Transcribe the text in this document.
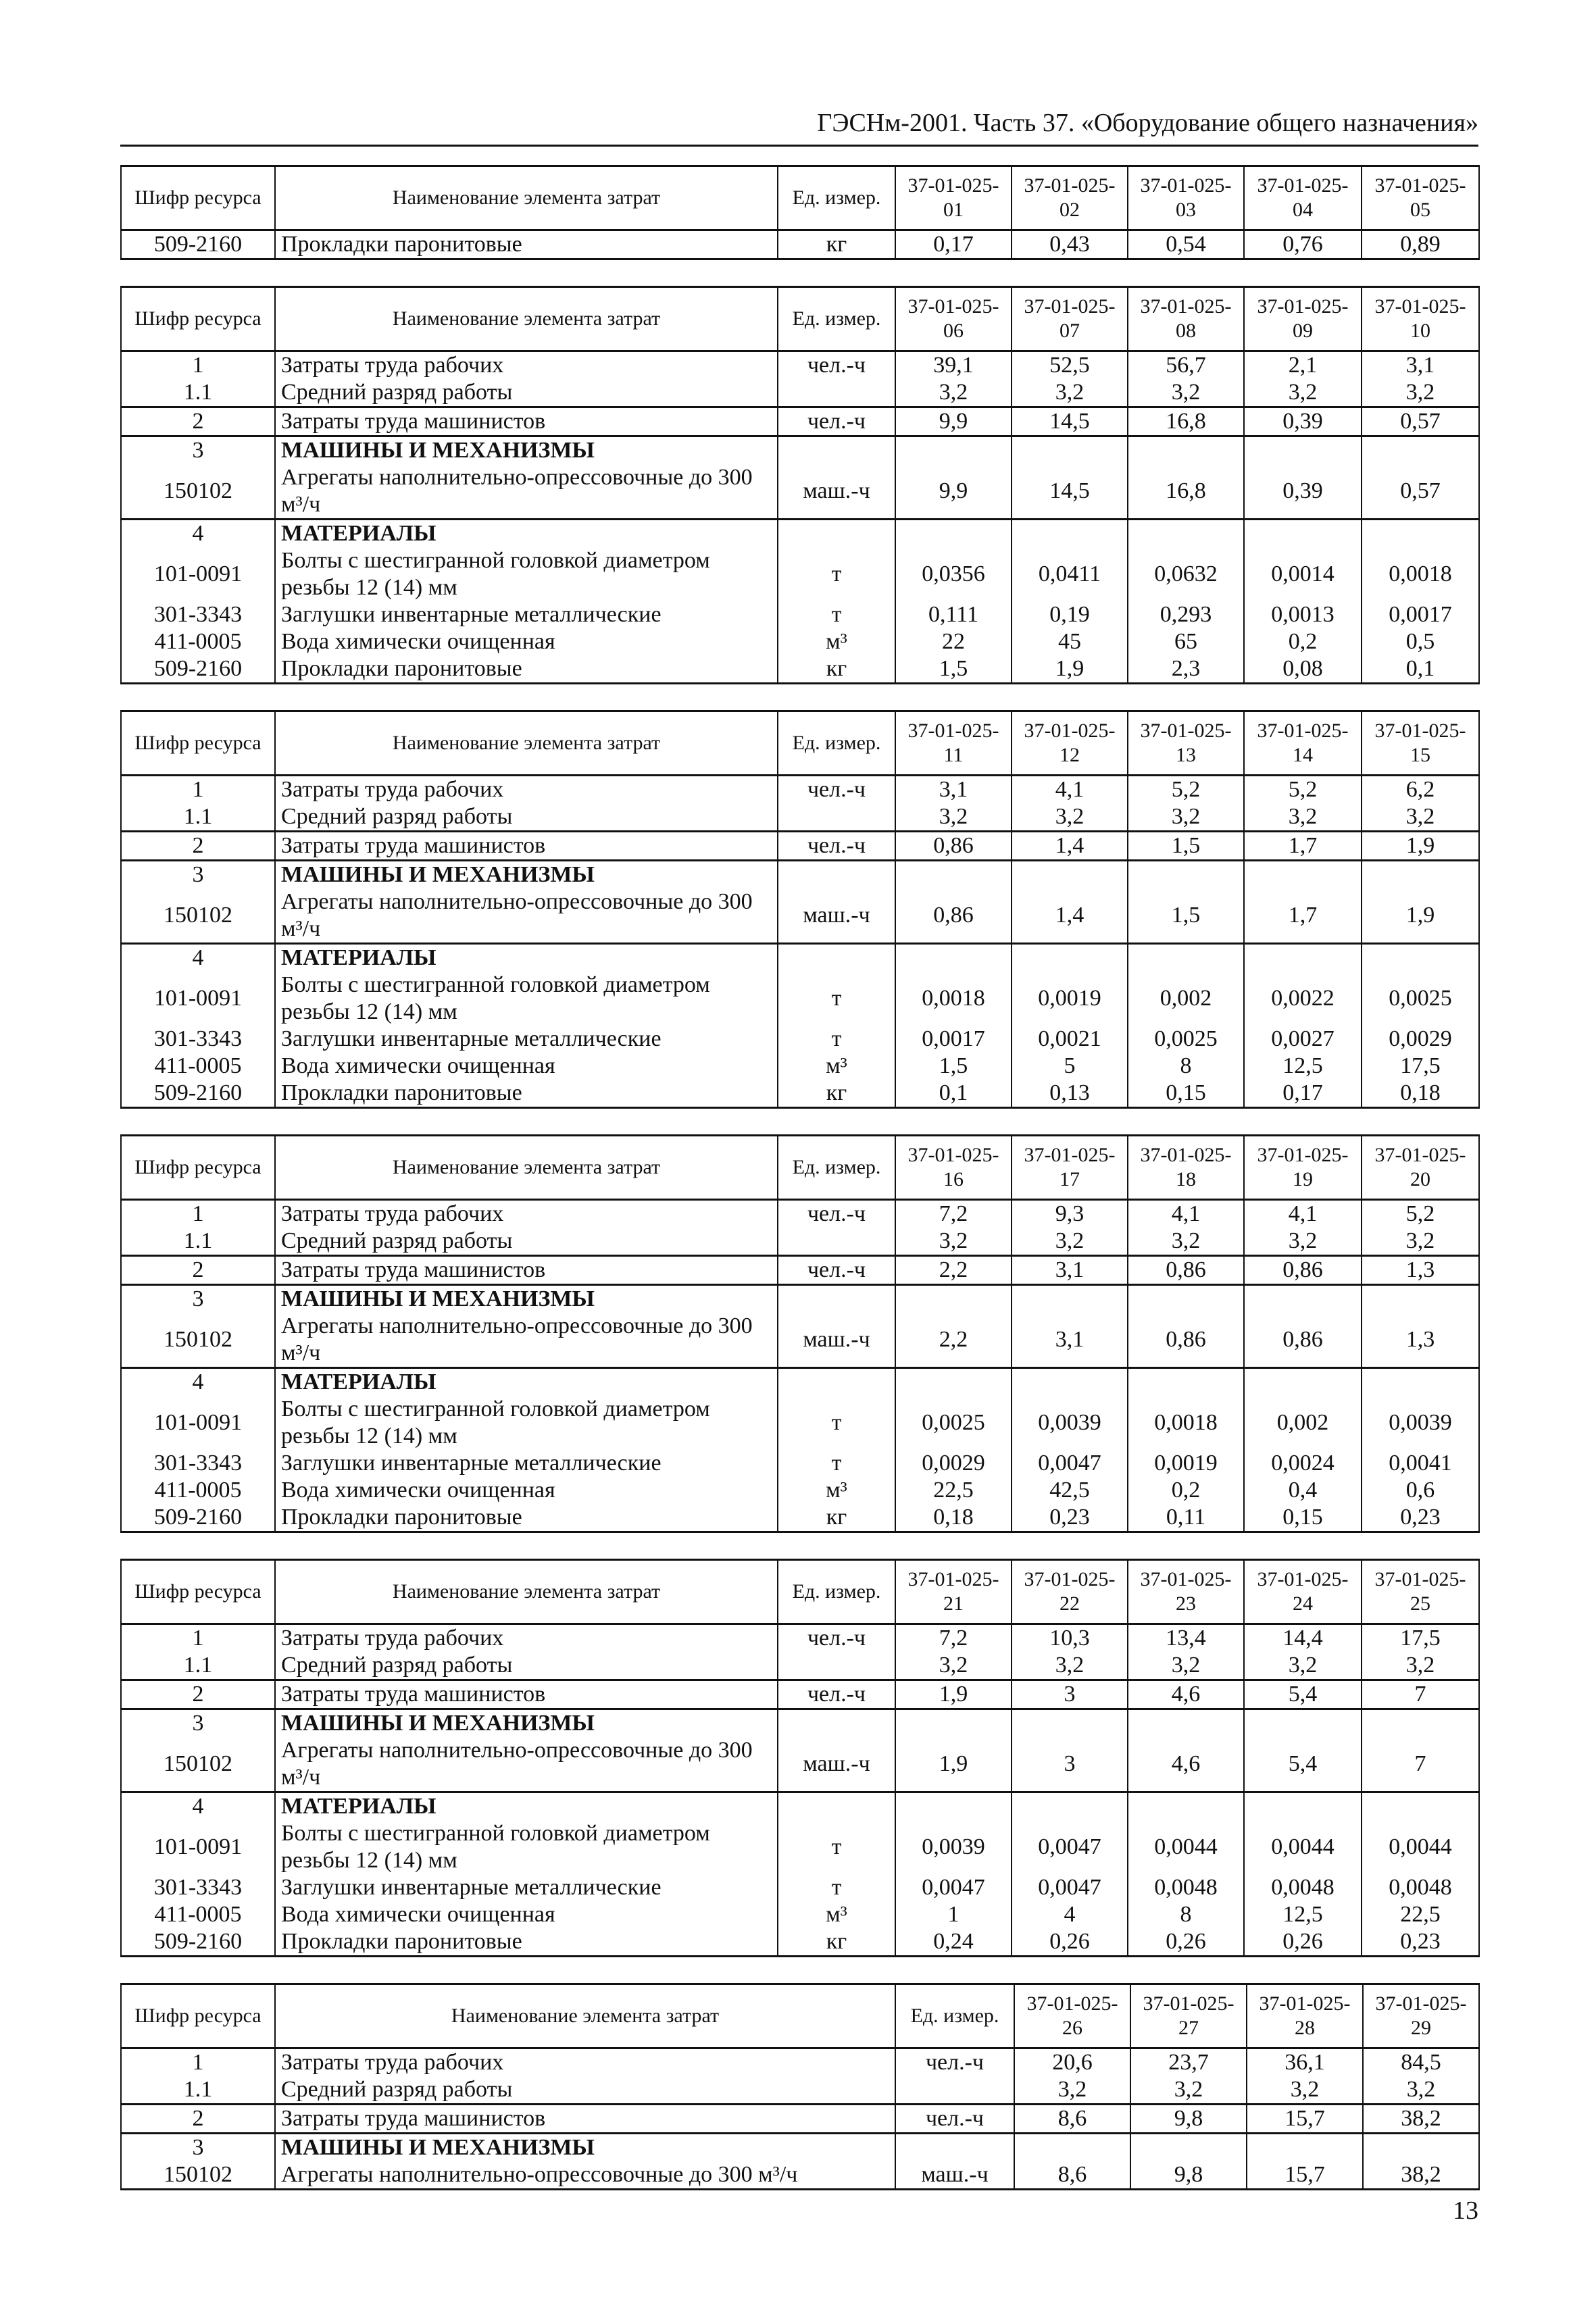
ГЭСНм-2001. Часть 37. «Оборудование общего назначения»
Шифр ресурса	Наименование элемента затрат	Ед. измер.	37-01-025-01	37-01-025-02	37-01-025-03	37-01-025-04	37-01-025-05
509-2160	Прокладки паронитовые	кг	0,17	0,43	0,54	0,76	0,89
Шифр ресурса	Наименование элемента затрат	Ед. измер.	37-01-025-06	37-01-025-07	37-01-025-08	37-01-025-09	37-01-025-10
1	Затраты труда рабочих	чел.-ч	39,1	52,5	56,7	2,1	3,1
1.1	Средний разряд работы		3,2	3,2	3,2	3,2	3,2
2	Затраты труда машинистов	чел.-ч	9,9	14,5	16,8	0,39	0,57
3	МАШИНЫ И МЕХАНИЗМЫ						
150102	Агрегаты наполнительно-опрессовочные до 300 м³/ч	маш.-ч	9,9	14,5	16,8	0,39	0,57
4	МАТЕРИАЛЫ						
101-0091	Болты с шестигранной головкой диаметром резьбы 12 (14) мм	т	0,0356	0,0411	0,0632	0,0014	0,0018
301-3343	Заглушки инвентарные металлические	т	0,111	0,19	0,293	0,0013	0,0017
411-0005	Вода химически очищенная	м³	22	45	65	0,2	0,5
509-2160	Прокладки паронитовые	кг	1,5	1,9	2,3	0,08	0,1
Шифр ресурса	Наименование элемента затрат	Ед. измер.	37-01-025-11	37-01-025-12	37-01-025-13	37-01-025-14	37-01-025-15
1	Затраты труда рабочих	чел.-ч	3,1	4,1	5,2	5,2	6,2
1.1	Средний разряд работы		3,2	3,2	3,2	3,2	3,2
2	Затраты труда машинистов	чел.-ч	0,86	1,4	1,5	1,7	1,9
3	МАШИНЫ И МЕХАНИЗМЫ						
150102	Агрегаты наполнительно-опрессовочные до 300 м³/ч	маш.-ч	0,86	1,4	1,5	1,7	1,9
4	МАТЕРИАЛЫ						
101-0091	Болты с шестигранной головкой диаметром резьбы 12 (14) мм	т	0,0018	0,0019	0,002	0,0022	0,0025
301-3343	Заглушки инвентарные металлические	т	0,0017	0,0021	0,0025	0,0027	0,0029
411-0005	Вода химически очищенная	м³	1,5	5	8	12,5	17,5
509-2160	Прокладки паронитовые	кг	0,1	0,13	0,15	0,17	0,18
Шифр ресурса	Наименование элемента затрат	Ед. измер.	37-01-025-16	37-01-025-17	37-01-025-18	37-01-025-19	37-01-025-20
1	Затраты труда рабочих	чел.-ч	7,2	9,3	4,1	4,1	5,2
1.1	Средний разряд работы		3,2	3,2	3,2	3,2	3,2
2	Затраты труда машинистов	чел.-ч	2,2	3,1	0,86	0,86	1,3
3	МАШИНЫ И МЕХАНИЗМЫ						
150102	Агрегаты наполнительно-опрессовочные до 300 м³/ч	маш.-ч	2,2	3,1	0,86	0,86	1,3
4	МАТЕРИАЛЫ						
101-0091	Болты с шестигранной головкой диаметром резьбы 12 (14) мм	т	0,0025	0,0039	0,0018	0,002	0,0039
301-3343	Заглушки инвентарные металлические	т	0,0029	0,0047	0,0019	0,0024	0,0041
411-0005	Вода химически очищенная	м³	22,5	42,5	0,2	0,4	0,6
509-2160	Прокладки паронитовые	кг	0,18	0,23	0,11	0,15	0,23
Шифр ресурса	Наименование элемента затрат	Ед. измер.	37-01-025-21	37-01-025-22	37-01-025-23	37-01-025-24	37-01-025-25
1	Затраты труда рабочих	чел.-ч	7,2	10,3	13,4	14,4	17,5
1.1	Средний разряд работы		3,2	3,2	3,2	3,2	3,2
2	Затраты труда машинистов	чел.-ч	1,9	3	4,6	5,4	7
3	МАШИНЫ И МЕХАНИЗМЫ						
150102	Агрегаты наполнительно-опрессовочные до 300 м³/ч	маш.-ч	1,9	3	4,6	5,4	7
4	МАТЕРИАЛЫ						
101-0091	Болты с шестигранной головкой диаметром резьбы 12 (14) мм	т	0,0039	0,0047	0,0044	0,0044	0,0044
301-3343	Заглушки инвентарные металлические	т	0,0047	0,0047	0,0048	0,0048	0,0048
411-0005	Вода химически очищенная	м³	1	4	8	12,5	22,5
509-2160	Прокладки паронитовые	кг	0,24	0,26	0,26	0,26	0,23
Шифр ресурса	Наименование элемента затрат	Ед. измер.	37-01-025-26	37-01-025-27	37-01-025-28	37-01-025-29
1	Затраты труда рабочих	чел.-ч	20,6	23,7	36,1	84,5
1.1	Средний разряд работы		3,2	3,2	3,2	3,2
2	Затраты труда машинистов	чел.-ч	8,6	9,8	15,7	38,2
3	МАШИНЫ И МЕХАНИЗМЫ					
150102	Агрегаты наполнительно-опрессовочные до 300 м³/ч	маш.-ч	8,6	9,8	15,7	38,2
13
